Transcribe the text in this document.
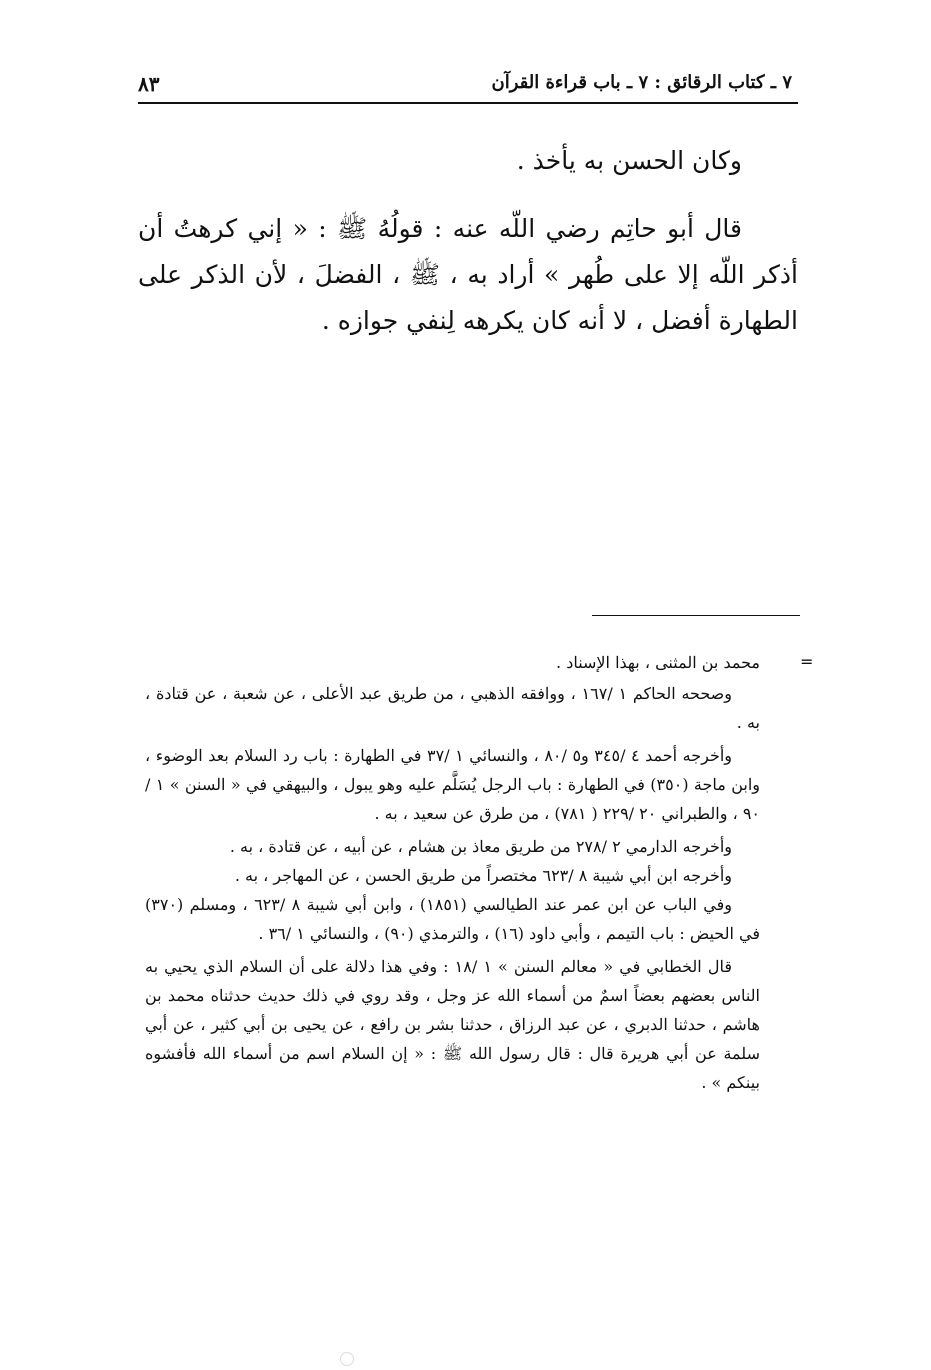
٧ ـ كتاب الرقائق : ٧ ـ باب قراءة القرآن
٨٣

وكان الحسن به يأخذ .

قال أبو حاتِم رضي اللّه عنه : قولُهُ ﷺ : « إني كرهتُ أن أذكر اللّه إلا على طُهر » أراد به ، ﷺ ، الفضلَ ، لأن الذكر على الطهارة أفضل ، لا أنه كان يكرهه لِنفي جوازه .

=

محمد بن المثنى ، بهذا الإسناد .

وصححه الحاكم ١ /١٦٧ ، ووافقه الذهبي ، من طريق عبد الأعلى ، عن شعبة ، عن قتادة ، به .

وأخرجه أحمد ٤ /٣٤٥ و٥ /٨٠ ، والنسائي ١ /٣٧ في الطهارة : باب رد السلام بعد الوضوء ، وابن ماجة (٣٥٠) في الطهارة : باب الرجل يُسَلَّم عليه وهو يبول ، والبيهقي في « السنن » ١ /٩٠ ، والطبراني ٢٠ /٢٢٩ ( ٧٨١) ، من طرق عن سعيد ، به .

وأخرجه الدارمي ٢ /٢٧٨ من طريق معاذ بن هشام ، عن أبيه ، عن قتادة ، به .

وأخرجه ابن أبي شيبة ٨ /٦٢٣ مختصراً من طريق الحسن ، عن المهاجر ، به .

وفي الباب عن ابن عمر عند الطيالسي (١٨٥١) ، وابن أبي شيبة ٨ /٦٢٣ ، ومسلم (٣٧٠) في الحيض : باب التيمم ، وأبي داود (١٦) ، والترمذي (٩٠) ، والنسائي ١ /٣٦ .

قال الخطابي في « معالم السنن » ١ /١٨ : وفي هذا دلالة على أن السلام الذي يحيي به الناس بعضهم بعضاً اسمٌ من أسماء الله عز وجل ، وقد روي في ذلك حديث حدثناه محمد بن هاشم ، حدثنا الدبري ، عن عبد الرزاق ، حدثنا بشر بن رافع ، عن يحيى بن أبي كثير ، عن أبي سلمة عن أبي هريرة قال : قال رسول الله ﷺ : « إن السلام اسم من أسماء الله فأفشوه بينكم » .
